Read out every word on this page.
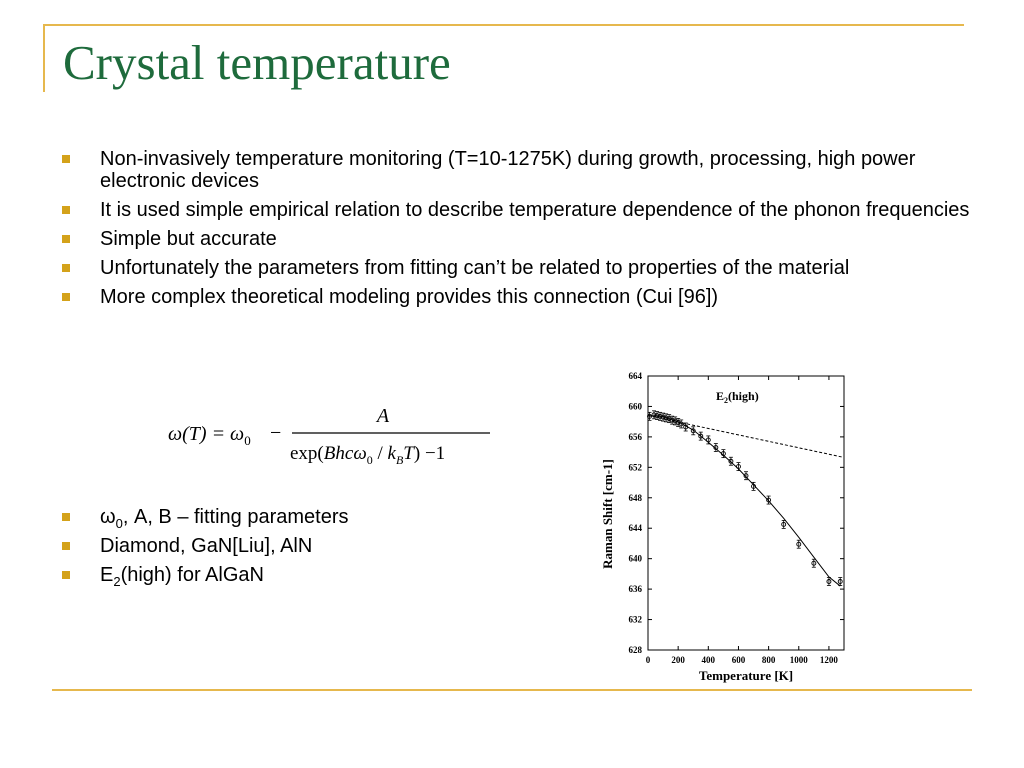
Crystal temperature
Non-invasively temperature monitoring (T=10-1275K) during growth, processing, high power electronic devices
It is used simple empirical relation to describe temperature dependence of the phonon frequencies
Simple but accurate
Unfortunately the parameters from fitting can’t be related to properties of the material
More complex theoretical modeling provides this connection (Cui [96])
$\omega(T) = \omega_0$ −
A
$\exp(Bhc\omega_0 / k_BT) -1$
$\omega_0$, A, B – fitting parameters
Diamond, GaN[Liu], AlN
$E_2(high)$ for AlGaN
628
632
636
640
644
648
652
656
660
664
0 200 400 600 800 1000 1200
$E_2(high)$
Temperature [K]
Raman Shift [cm-1]
